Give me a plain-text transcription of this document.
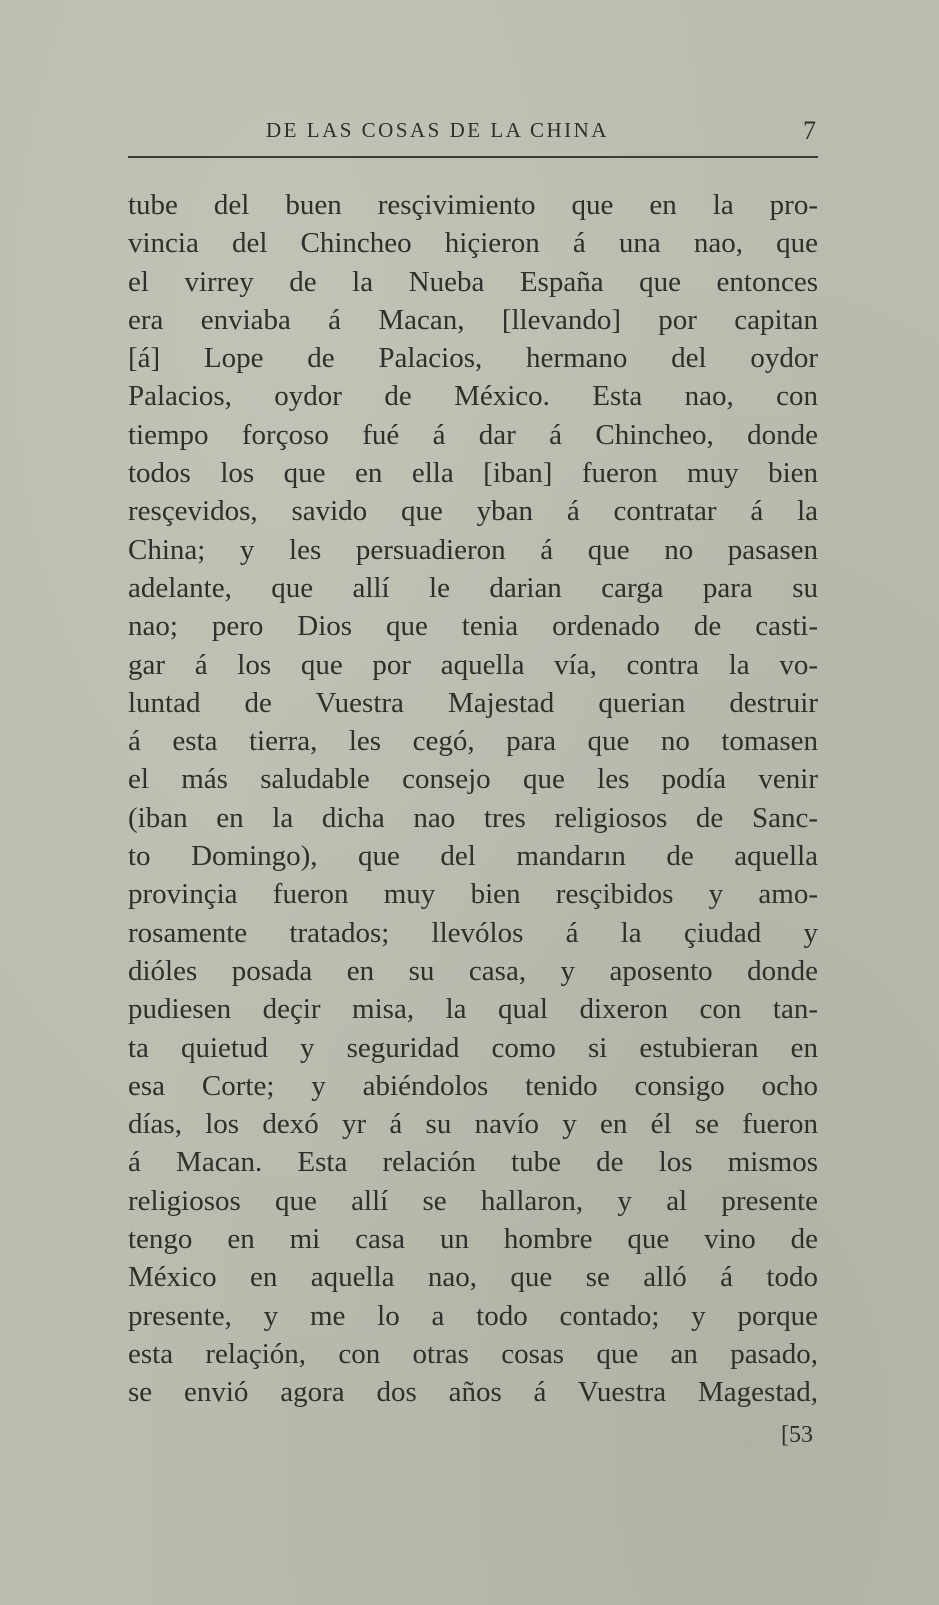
DE LAS COSAS DE LA CHINA	7
tube del buen resçivimiento que en la pro-
vincia del Chincheo hiçieron á una nao, que
el virrey de la Nueba España que entonces
era enviaba á Macan, [llevando] por capitan
[á] Lope de Palacios, hermano del oydor
Palacios, oydor de México. Esta nao, con
tiempo forçoso fué á dar á Chincheo, donde
todos los que en ella [iban] fueron muy bien
resçevidos, savido que yban á contratar á la
China; y les persuadieron á que no pasasen
adelante, que allí le darian carga para su
nao; pero Dios que tenia ordenado de casti-
gar á los que por aquella vía, contra la vo-
luntad de Vuestra Majestad querian destruir
á esta tierra, les cegó, para que no tomasen
el más saludable consejo que les podía venir
(iban en la dicha nao tres religiosos de Sanc-
to Domingo), que del mandarın de aquella
provinçia fueron muy bien resçibidos y amo-
rosamente tratados; llevólos á la çiudad y
dióles posada en su casa, y aposento donde
pudiesen deçir misa, la qual dixeron con tan-
ta quietud y seguridad como si estubieran en
esa Corte; y abiéndolos tenido consigo ocho
días, los dexó yr á su navío y en él se fueron
á Macan. Esta relación tube de los mismos
religiosos que allí se hallaron, y al presente
tengo en mi casa un hombre que vino de
México en aquella nao, que se alló á todo
presente, y me lo a todo contado; y porque
esta relaçión, con otras cosas que an pasado,
se envió agora dos años á Vuestra Magestad,
[53
